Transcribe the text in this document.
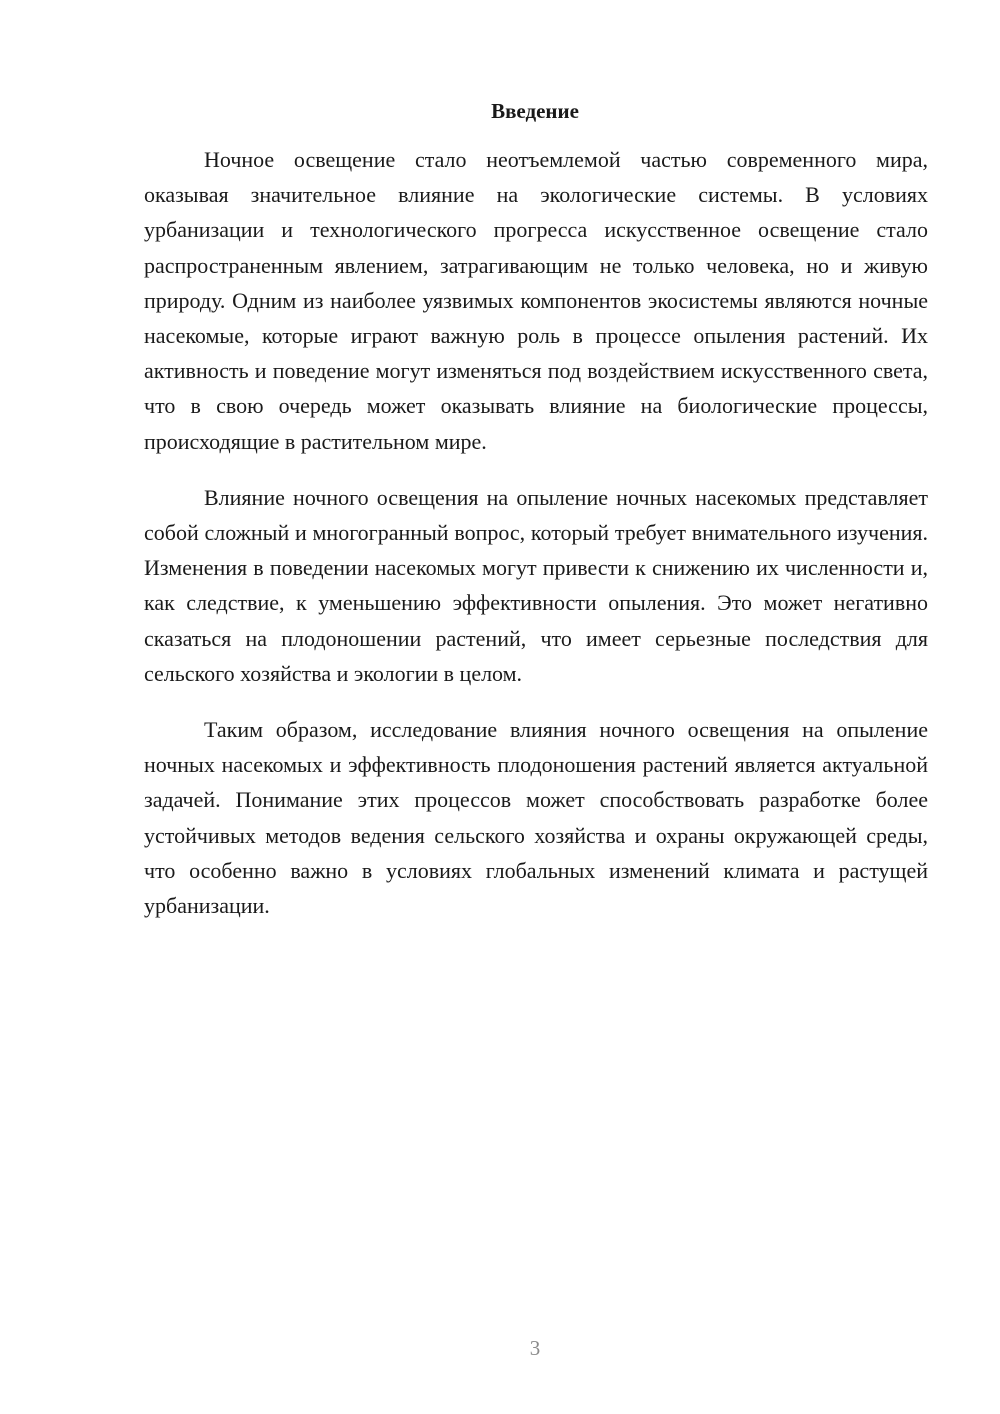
Введение

Ночное освещение стало неотъемлемой частью современного мира, оказывая значительное влияние на экологические системы. В условиях урбанизации и технологического прогресса искусственное освещение стало распространенным явлением, затрагивающим не только человека, но и живую природу. Одним из наиболее уязвимых компонентов экосистемы являются ночные насекомые, которые играют важную роль в процессе опыления растений. Их активность и поведение могут изменяться под воздействием искусственного света, что в свою очередь может оказывать влияние на биологические процессы, происходящие в растительном мире.

Влияние ночного освещения на опыление ночных насекомых представляет собой сложный и многогранный вопрос, который требует внимательного изучения. Изменения в поведении насекомых могут привести к снижению их численности и, как следствие, к уменьшению эффективности опыления. Это может негативно сказаться на плодоношении растений, что имеет серьезные последствия для сельского хозяйства и экологии в целом.

Таким образом, исследование влияния ночного освещения на опыление ночных насекомых и эффективность плодоношения растений является актуальной задачей. Понимание этих процессов может способствовать разработке более устойчивых методов ведения сельского хозяйства и охраны окружающей среды, что особенно важно в условиях глобальных изменений климата и растущей урбанизации.

3
